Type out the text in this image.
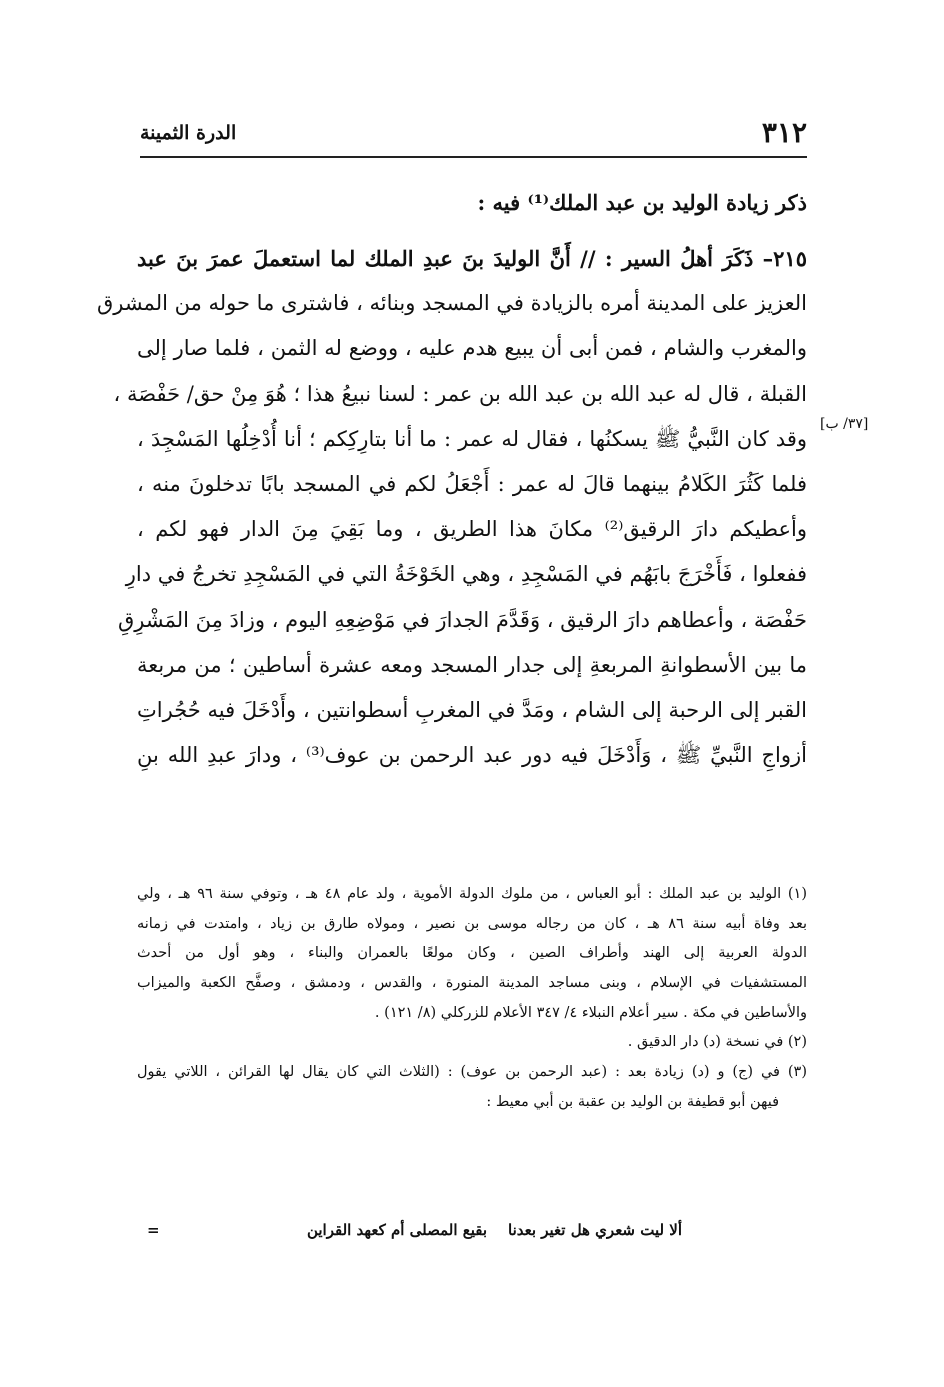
الدرة الثمينة	٣١٢
ذكر زيادة الوليد بن عبد الملك⁽¹⁾ فيه :
[٣٧/ ب]
٢١٥– ذَكَرَ أهلُ السير : // أَنَّ الوليدَ بنَ عبدِ الملك لما استعملَ عمرَ بنَ عبد
العزيز على المدينة أمره بالزيادة في المسجد وبنائه ، فاشترى ما حوله من المشرق
والمغرب والشام ، فمن أبى أن يبيع هدم عليه ، ووضع له الثمن ، فلما صار إلى
القبلة ، قال له عبد الله بن عبد الله بن عمر : لسنا نبيعُ هذا ؛ هُوَ مِنْ حق/ حَفْصَة ،
وقد كان النَّبيُّ ﷺ يسكنُها ، فقال له عمر : ما أنا بتارِكِكم ؛ أنا أُدْخِلُها المَسْجِدَ ،
فلما كَثُرَ الكَلامُ بينهما قالَ له عمر : أَجْعَلُ لكم في المسجد بابًا تدخلونَ منه ،
وأعطيكم دارَ الرقيق⁽²⁾ مكانَ هذا الطريق ، وما بَقِيَ مِنَ الدار فهو لكم ،
ففعلوا ، فَأَخْرَجَ بابَهُم في المَسْجِدِ ، وهي الخَوْخَةُ التي في المَسْجِدِ تخرجُ في دارِ
حَفْصَة ، وأعطاهم دارَ الرقيق ، وَقَدَّمَ الجدارَ في مَوْضِعِهِ اليوم ، وزادَ مِنَ المَشْرِقِ
ما بين الأسطوانةِ المربعةِ إلى جدار المسجد ومعه عشرة أساطين ؛ من مربعة
القبر إلى الرحبة إلى الشام ، ومَدَّ في المغربِ أسطوانتين ، وأَدْخَلَ فيه حُجُراتِ
أزواجِ النَّبيِّ ﷺ ، وَأَدْخَلَ فيه دور عبد الرحمن بن عوف⁽³⁾ ، ودارَ عبدِ الله بنِ
(١) الوليد بن عبد الملك : أبو العباس ، من ملوك الدولة الأموية ، ولد عام ٤٨ هـ ، وتوفي سنة ٩٦ هـ ، ولي
بعد وفاة أبيه سنة ٨٦ هـ ، كان من رجاله موسى بن نصير ، ومولاه طارق بن زياد ، وامتدت في زمانه
الدولة العربية إلى الهند وأطراف الصين ، وكان مولعًا بالعمران والبناء ، وهو أول من أحدث
المستشفيات في الإسلام ، وبنى مساجد المدينة المنورة ، والقدس ، ودمشق ، وصفَّح الكعبة والميزاب
والأساطين في مكة . سير أعلام النبلاء ٤/ ٣٤٧ الأعلام للزركلي (٨/ ١٢١) .
(٢) في نسخة (د) دار الدقيق .
(٣) في (ج) و (د) زيادة بعد : (عبد الرحمن بن عوف) : (الثلاث التي كان يقال لها القرائن ، اللاتي يقول
فيهن أبو قطيفة بن الوليد بن عقبة بن أبي معيط :
ألا ليت شعري هل تغير بعدنا
بقيع المصلى أم كعهد القراين
=
